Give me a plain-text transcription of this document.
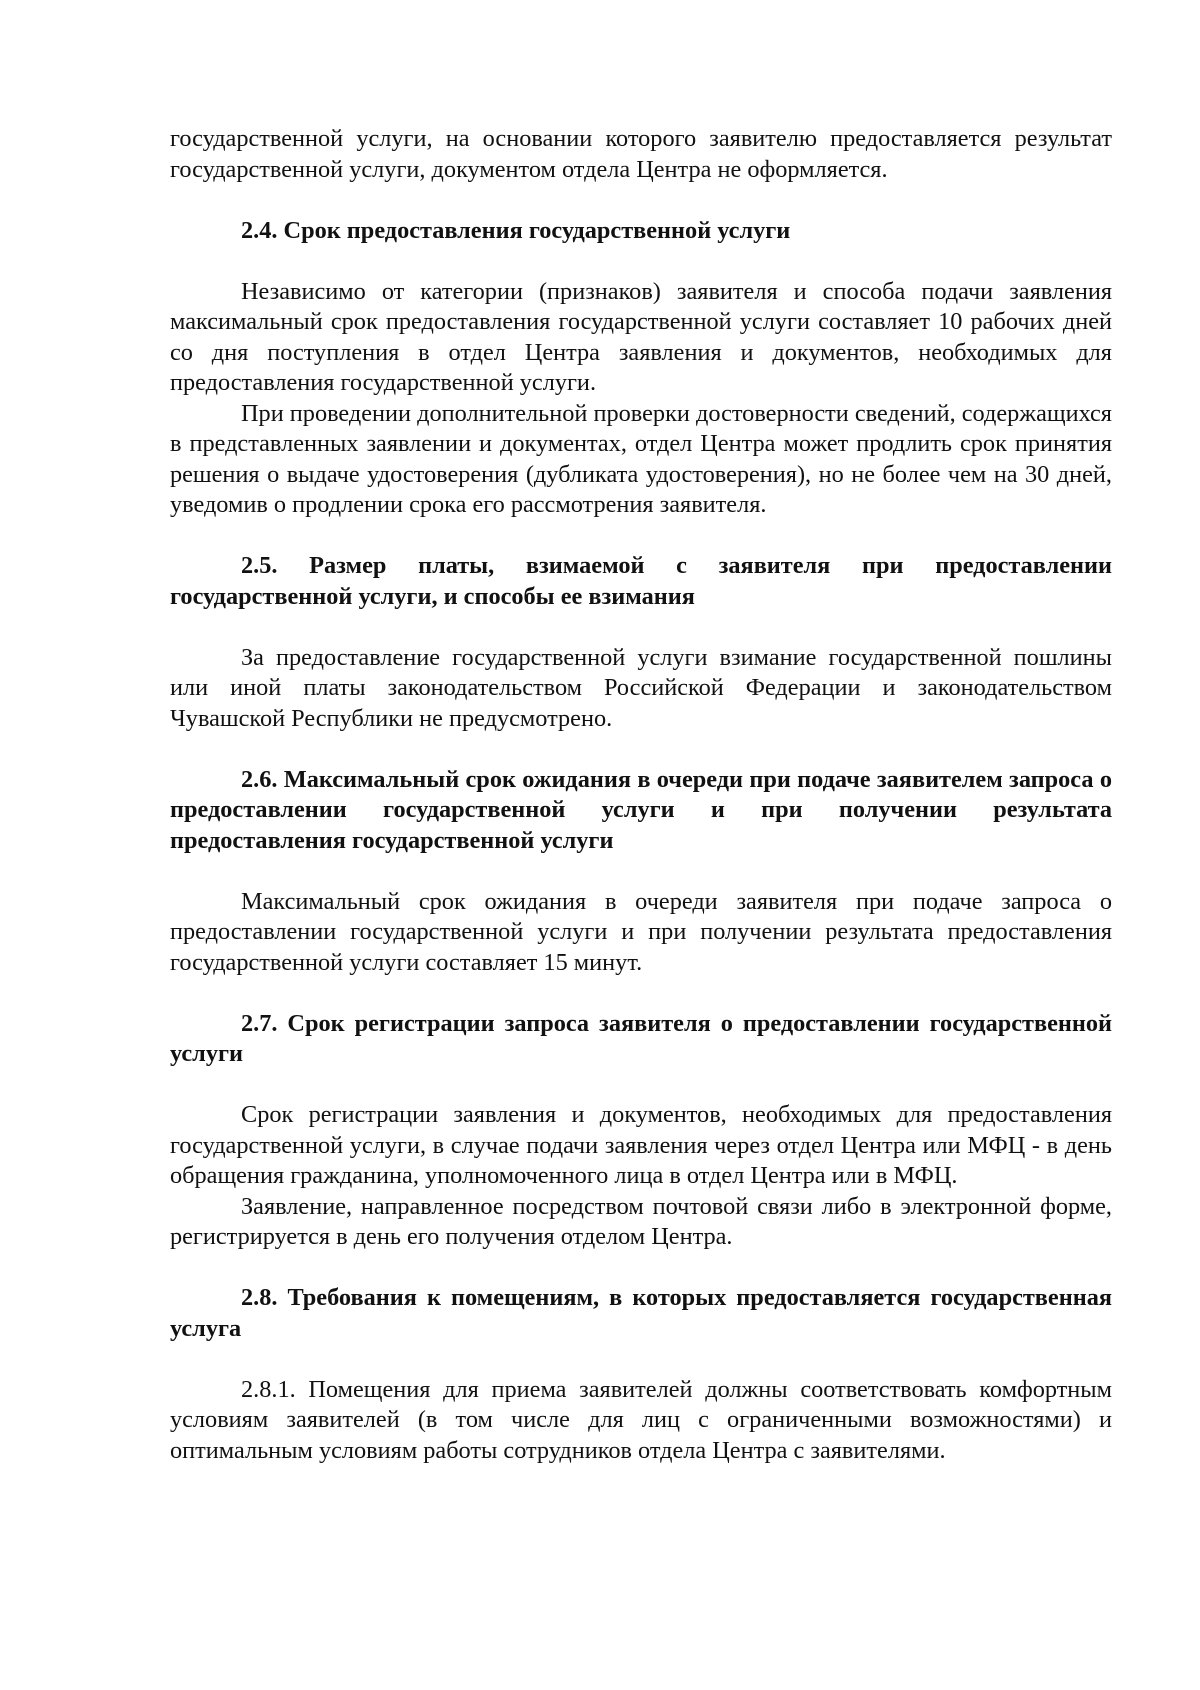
государственной услуги, на основании которого заявителю предоставляется результат государственной услуги, документом отдела Центра не оформляется.

2.4. Срок предоставления государственной услуги

Независимо от категории (признаков) заявителя и способа подачи заявления максимальный срок предоставления государственной услуги составляет 10 рабочих дней со дня поступления в отдел Центра заявления и документов, необходимых для предоставления государственной услуги.

При проведении дополнительной проверки достоверности сведений, содержащихся в представленных заявлении и документах, отдел Центра может продлить срок принятия решения о выдаче удостоверения (дубликата удостоверения), но не более чем на 30 дней, уведомив о продлении срока его рассмотрения заявителя.

2.5. Размер платы, взимаемой с заявителя при предоставлении государственной услуги, и способы ее взимания

За предоставление государственной услуги взимание государственной пошлины или иной платы законодательством Российской Федерации и законодательством Чувашской Республики не предусмотрено.

2.6. Максимальный срок ожидания в очереди при подаче заявителем запроса о предоставлении государственной услуги и при получении результата предоставления государственной услуги

Максимальный срок ожидания в очереди заявителя при подаче запроса о предоставлении государственной услуги и при получении результата предоставления государственной услуги составляет 15 минут.

2.7. Срок регистрации запроса заявителя о предоставлении государственной услуги

Срок регистрации заявления и документов, необходимых для предоставления государственной услуги, в случае подачи заявления через отдел Центра или МФЦ - в день обращения гражданина, уполномоченного лица в отдел Центра или в МФЦ.

Заявление, направленное посредством почтовой связи либо в электронной форме, регистрируется в день его получения отделом Центра.

2.8. Требования к помещениям, в которых предоставляется государственная услуга

2.8.1. Помещения для приема заявителей должны соответствовать комфортным условиям заявителей (в том числе для лиц с ограниченными возможностями) и оптимальным условиям работы сотрудников отдела Центра с заявителями.
